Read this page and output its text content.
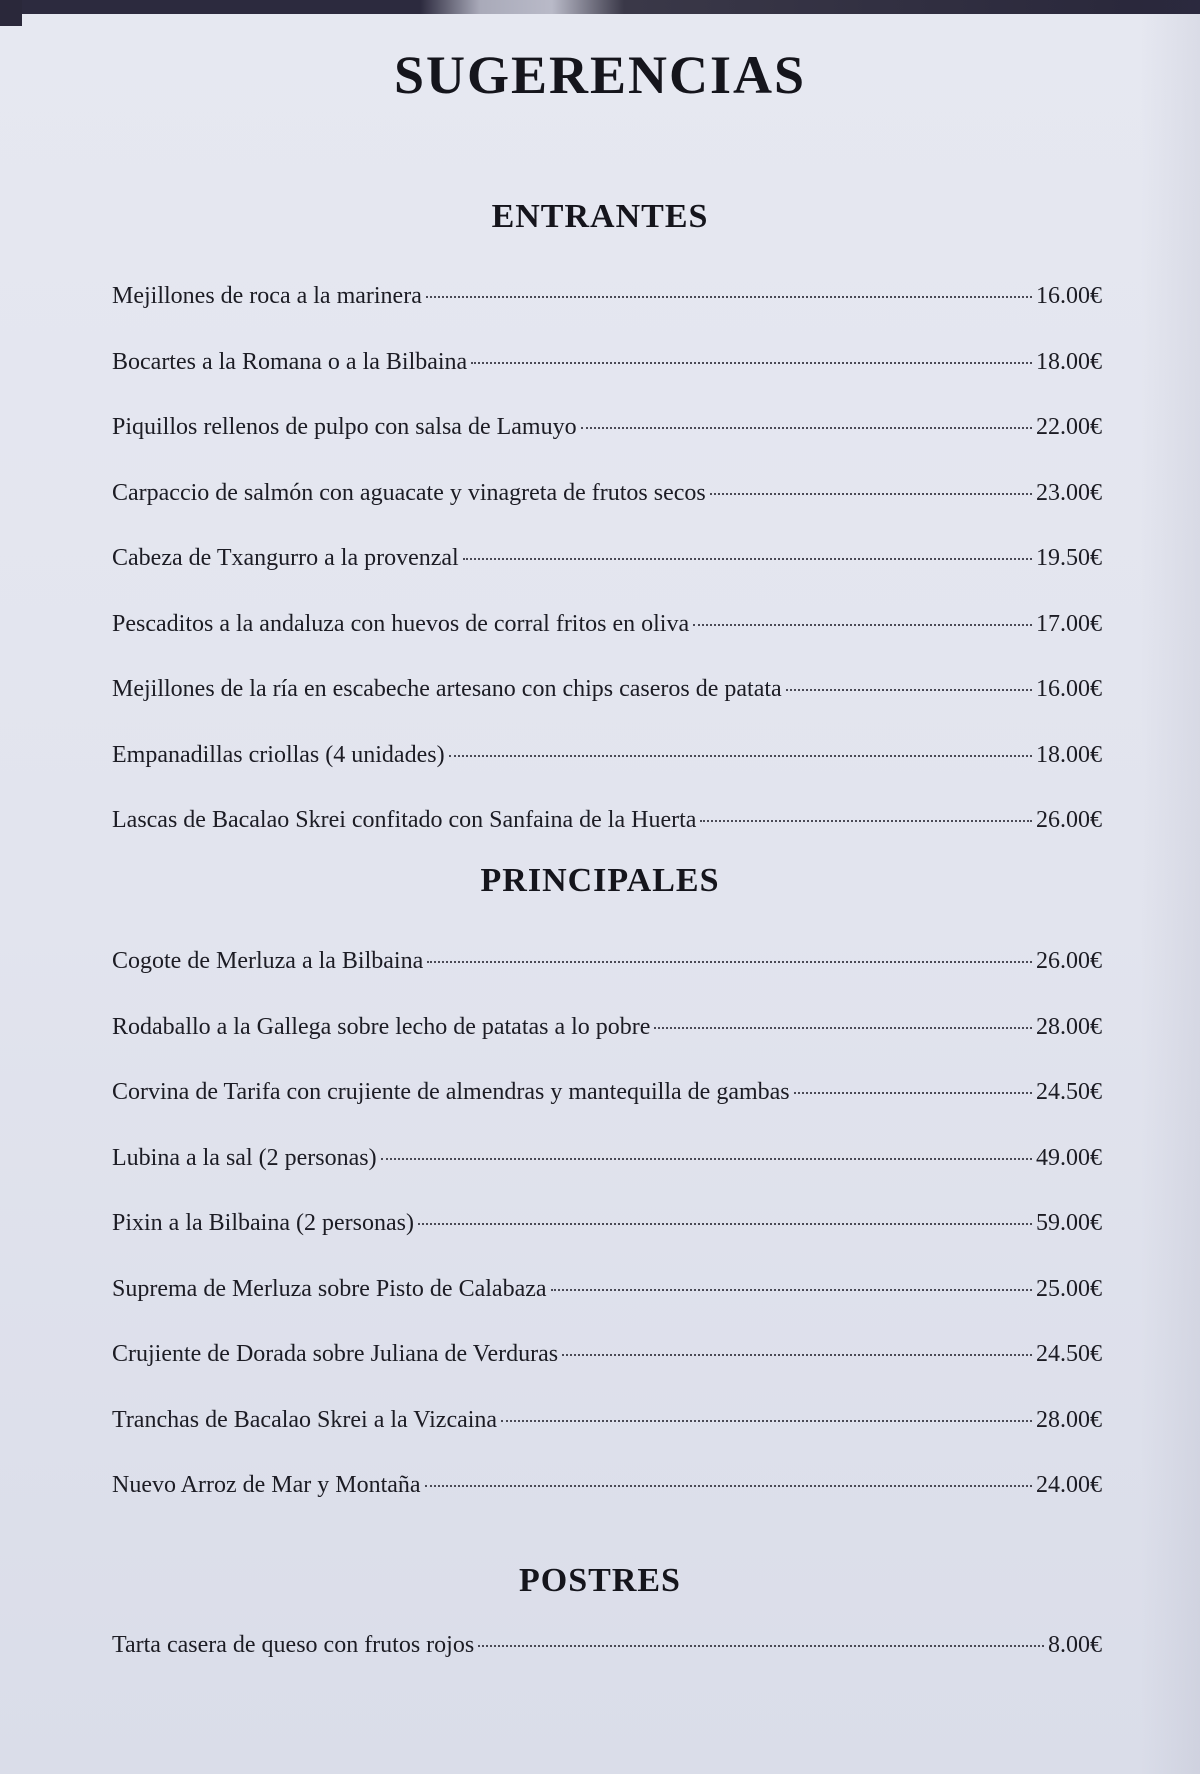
SUGERENCIAS
ENTRANTES
Mejillones de roca a la marinera	16.00€
Bocartes a la Romana o a la Bilbaina	18.00€
Piquillos rellenos de pulpo con salsa de Lamuyo	22.00€
Carpaccio de salmón con aguacate y vinagreta de frutos secos	23.00€
Cabeza de Txangurro a la provenzal	19.50€
Pescaditos a la andaluza con huevos de corral fritos en oliva	17.00€
Mejillones de la ría en escabeche artesano con chips caseros de patata	16.00€
Empanadillas criollas (4 unidades)	18.00€
Lascas de Bacalao Skrei confitado con Sanfaina de la Huerta	26.00€
PRINCIPALES
Cogote de Merluza a la Bilbaina	26.00€
Rodaballo a la Gallega sobre lecho de patatas a lo pobre	28.00€
Corvina de Tarifa con crujiente de almendras y mantequilla de gambas	24.50€
Lubina a la sal (2 personas)	49.00€
Pixin a la Bilbaina (2 personas)	59.00€
Suprema de Merluza sobre Pisto de Calabaza	25.00€
Crujiente de Dorada sobre Juliana de Verduras	24.50€
Tranchas de Bacalao Skrei a la Vizcaina	28.00€
Nuevo Arroz de Mar y Montaña	24.00€
POSTRES
Tarta casera de queso con frutos rojos	8.00€
